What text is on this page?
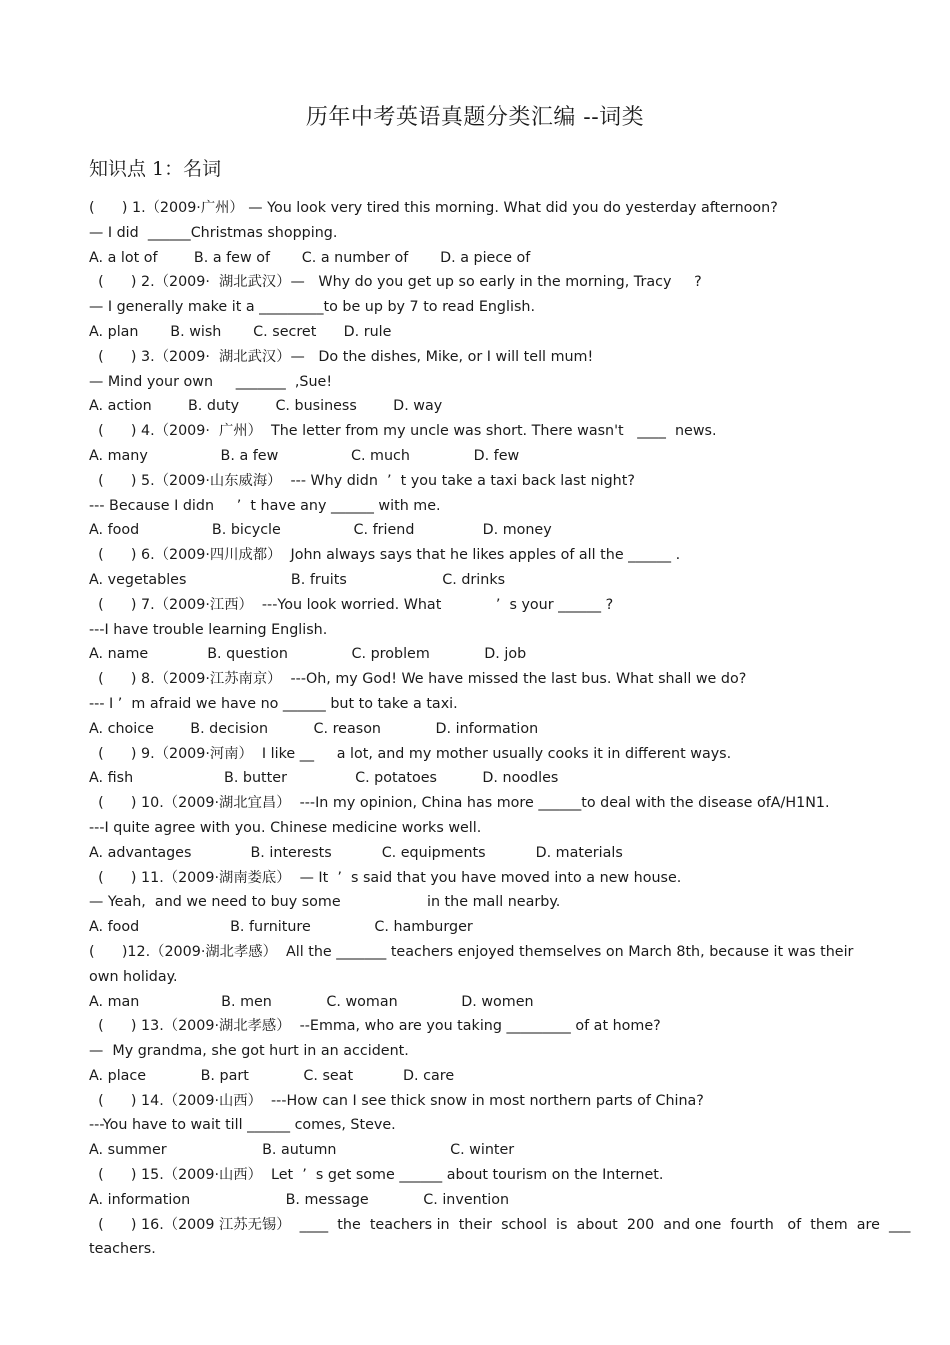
历年中考英语真题分类汇编 --词类
知识点 1：名词
(      ) 1.（2009·广州） — You look very tired this morning. What did you do yesterday afternoon?
— I did  ______Christmas shopping.
A. a lot of        B. a few of       C. a number of       D. a piece of
(      ) 2.（2009·  湖北武汉）—   Why do you get up so early in the morning, Tracy     ?
— I generally make it a _________to be up by 7 to read English.
A. plan       B. wish       C. secret      D. rule
(      ) 3.（2009·  湖北武汉）—   Do the dishes, Mike, or I will tell mum!
— Mind your own     _______  ,Sue!
A. action        B. duty        C. business        D. way
(      ) 4.（2009·  广州）  The letter from my uncle was short. There wasn't   ____  news.
A. many                B. a few                C. much              D. few
(      ) 5.（2009·山东威海）  --- Why didn  ’  t you take a taxi back last night?
--- Because I didn     ’  t have any ______ with me.
A. food                B. bicycle                C. friend               D. money
(      ) 6.（2009·四川成都）  John always says that he likes apples of all the ______ .
A. vegetables                       B. fruits                     C. drinks
(      ) 7.（2009·江西）  ---You look worried. What            ’  s your ______ ?
---I have trouble learning English.
A. name             B. question              C. problem            D. job
(      ) 8.（2009·江苏南京）  ---Oh, my God! We have missed the last bus. What shall we do?
--- I ’  m afraid we have no ______ but to take a taxi.
A. choice        B. decision          C. reason            D. information
(      ) 9.（2009·河南）  I like __     a lot, and my mother usually cooks it in different ways.
A. fish                    B. butter               C. potatoes          D. noodles
(      ) 10.（2009·湖北宜昌）  ---In my opinion, China has more ______to deal with the disease ofA/H1N1.
---I quite agree with you. Chinese medicine works well.
A. advantages             B. interests           C. equipments           D. materials
(      ) 11.（2009·湖南娄底）  — It  ’  s said that you have moved into a new house.
— Yeah,  and we need to buy some                   in the mall nearby.
A. food                    B. furniture              C. hamburger
(      )12.（2009·湖北孝感）  All the _______ teachers enjoyed themselves on March 8th, because it was their
own holiday.
A. man                  B. men            C. woman              D. women
(      ) 13.（2009·湖北孝感）  --Emma, who are you taking _________ of at home?
—  My grandma, she got hurt in an accident.
A. place            B. part            C. seat           D. care
(      ) 14.（2009·山西）  ---How can I see thick snow in most northern parts of China?
---You have to wait till ______ comes, Steve.
A. summer                     B. autumn                         C. winter
(      ) 15.（2009·山西）  Let  ’  s get some ______ about tourism on the Internet.
A. information                     B. message            C. invention
(      ) 16.（2009 江苏无锡）  ____  the  teachers in  their  school  is  about  200  and one  fourth   of  them  are  ___
teachers.
